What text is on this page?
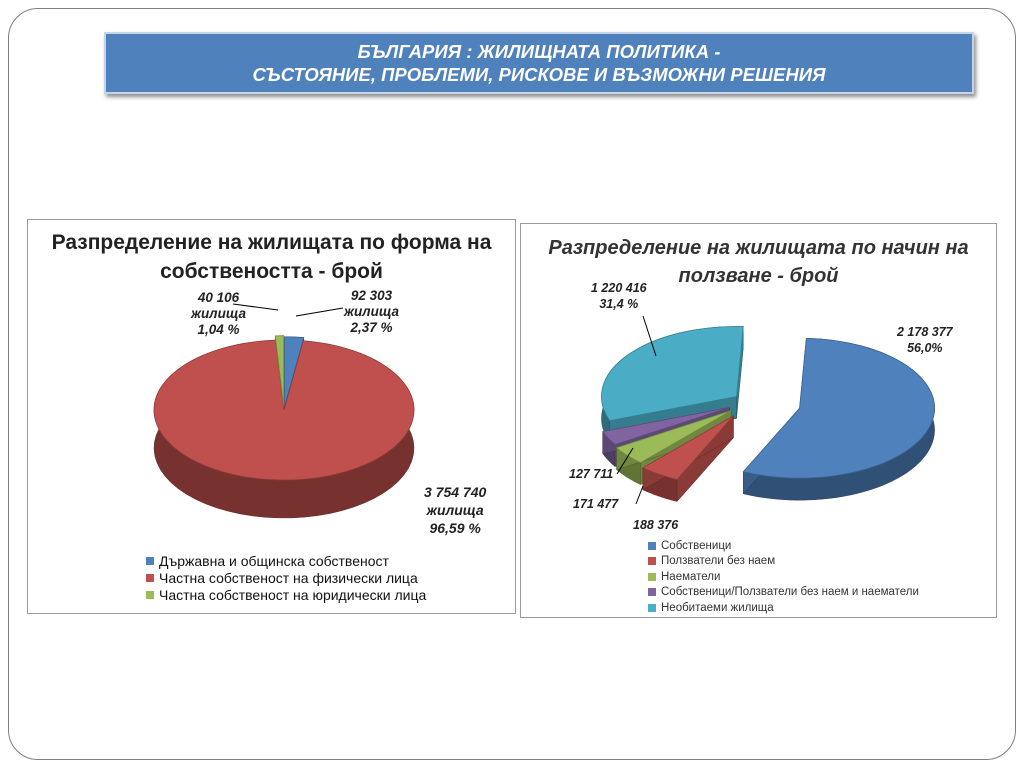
БЪЛГАРИЯ : ЖИЛИЩНАТА ПОЛИТИКА -
СЪСТОЯНИЕ, ПРОБЛЕМИ, РИСКОВЕ И ВЪЗМОЖНИ РЕШЕНИЯ
Разпределение на жилищата по форма на
собствеността - брой
40 106
жилища
1,04 %
92 303
жилища
2,37 %
3 754 740
жилища
96,59 %
Държавна и общинска собственост
Частна собственост на физически лица
Частна собственост на юридически лица
Разпределение на жилищата по начин на
ползване - брой
1 220 416
31,4 %
2 178 377
56,0%
127 711
171 477
188 376
Собственици
Ползватели без наем
Наематели
Собственици/Ползватели без наем и наематели
Необитаеми жилища
